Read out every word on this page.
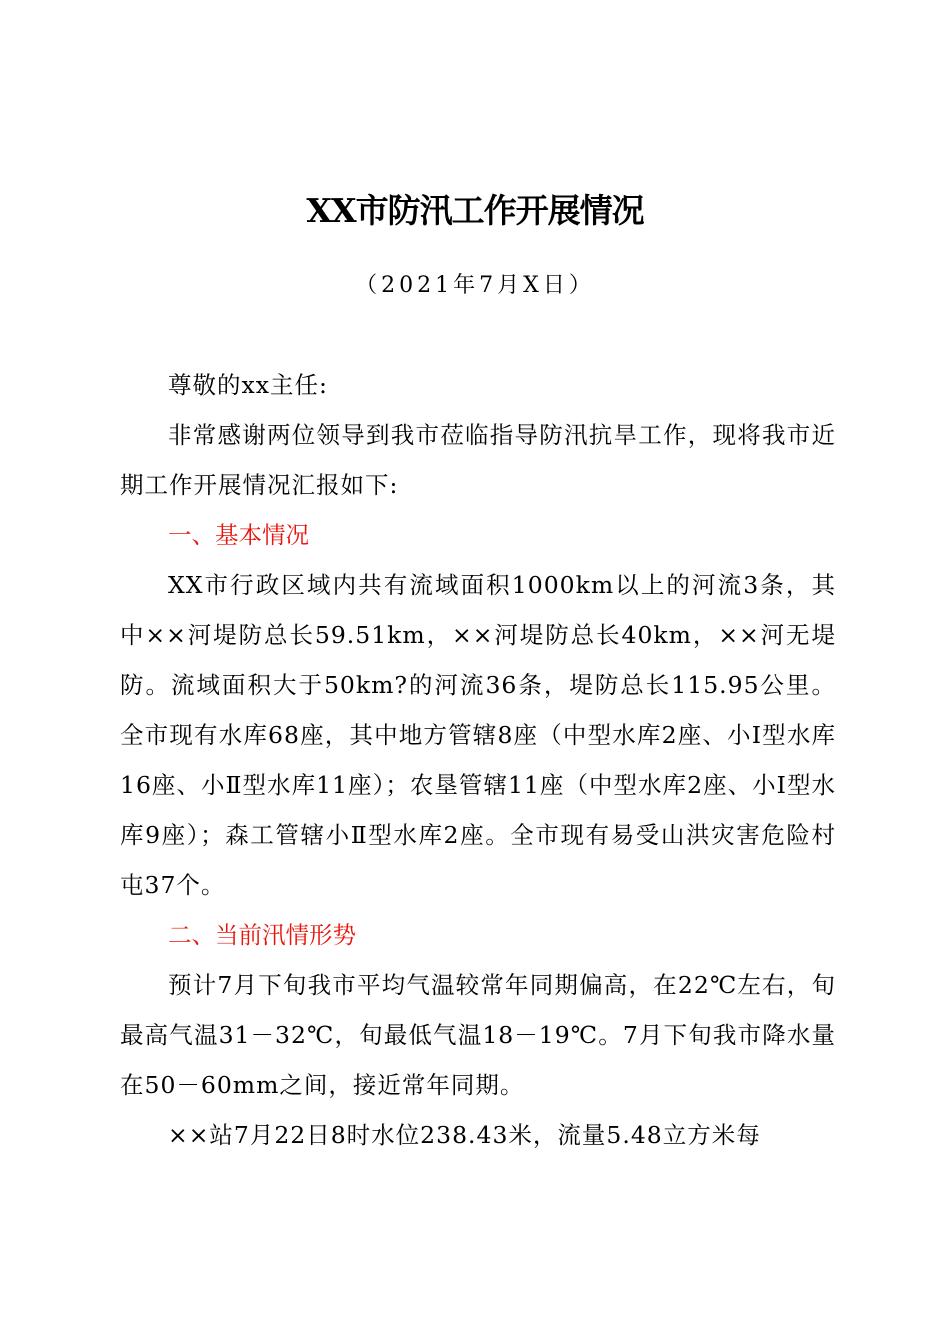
XX市防汛工作开展情况
（2021年7月X日）

尊敬的xx主任:

非常感谢两位领导到我市莅临指导防汛抗旱工作，现将我市近期工作开展情况汇报如下:

一、基本情况

XX市行政区域内共有流域面积1000km以上的河流3条，其中××河堤防总长59.51km，××河堤防总长40km，××河无堤防。流域面积大于50km?的河流36条，堤防总长115.95公里。全市现有水库68座，其中地方管辖8座（中型水库2座、小Ⅰ型水库16座、小Ⅱ型水库11座）；农垦管辖11座（中型水库2座、小Ⅰ型水库9座）；森工管辖小Ⅱ型水库2座。全市现有易受山洪灾害危险村屯37个。

二、当前汛情形势

预计7月下旬我市平均气温较常年同期偏高，在22℃左右，旬最高气温31－32℃，旬最低气温18－19℃。7月下旬我市降水量在50－60mm之间，接近常年同期。

××站7月22日8时水位238.43米，流量5.48立方米每
